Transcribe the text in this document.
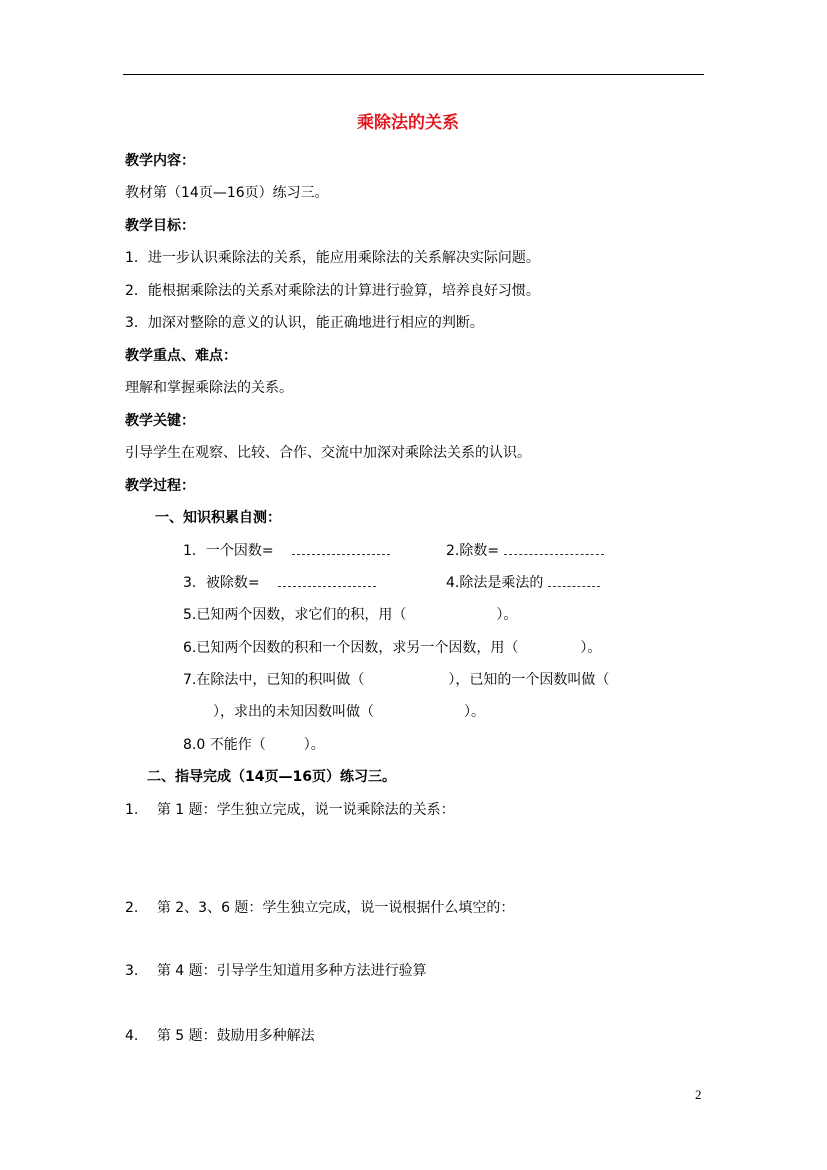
乘除法的关系
教学内容：
教材第（14页—16页）练习三。
教学目标：
1．进一步认识乘除法的关系，能应用乘除法的关系解决实际问题。
2．能根据乘除法的关系对乘除法的计算进行验算，培养良好习惯。
3．加深对整除的意义的认识，能正确地进行相应的判断。
教学重点、难点：
理解和掌握乘除法的关系。
教学关键：
引导学生在观察、比较、合作、交流中加深对乘除法关系的认识。
教学过程：
一、知识积累自测：
1．一个因数=	2.除数=
3．被除数=	4.除法是乘法的
5.已知两个因数，求它们的积，用（	）。
6.已知两个因数的积和一个因数，求另一个因数，用（	）。
7.在除法中，已知的积叫做（	），已知的一个因数叫做（
），求出的未知因数叫做（	）。
8.0 不能作（	）。
二、指导完成（14页—16页）练习三。
1. 第 1 题：学生独立完成，说一说乘除法的关系：
2. 第 2、3、6 题：学生独立完成，说一说根据什么填空的：
3. 第 4 题：引导学生知道用多种方法进行验算
4. 第 5 题：鼓励用多种解法
2
